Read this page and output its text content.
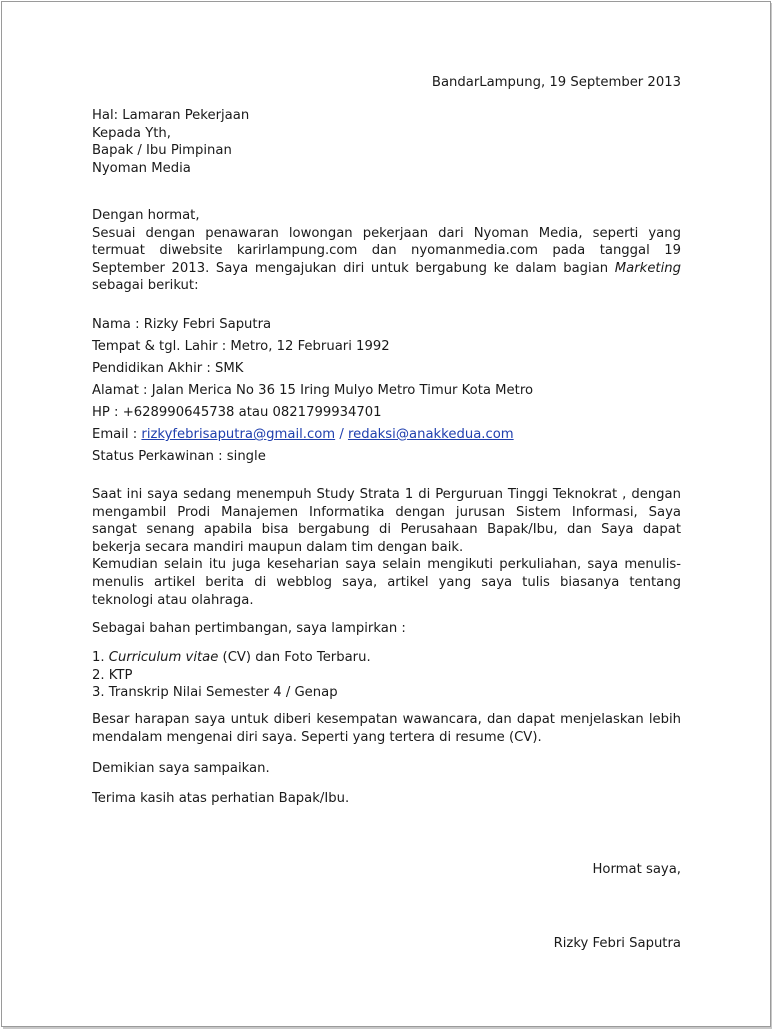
BandarLampung, 19 September 2013
Hal: Lamaran Pekerjaan
Kepada Yth,
Bapak / Ibu Pimpinan
Nyoman Media
Dengan hormat,
Sesuai dengan penawaran lowongan pekerjaan dari Nyoman Media, seperti yang
termuat diwebsite karirlampung.com dan nyomanmedia.com pada tanggal 19
September 2013. Saya mengajukan diri untuk bergabung ke dalam bagian Marketing
sebagai berikut:
Nama : Rizky Febri Saputra
Tempat & tgl. Lahir : Metro, 12 Februari 1992
Pendidikan Akhir : SMK
Alamat : Jalan Merica No 36 15 Iring Mulyo Metro Timur Kota Metro
HP : +628990645738 atau 0821799934701
Email : rizkyfebrisaputra@gmail.com / redaksi@anakkedua.com
Status Perkawinan : single
Saat ini saya sedang menempuh Study Strata 1 di Perguruan Tinggi Teknokrat , dengan
mengambil Prodi Manajemen Informatika dengan jurusan Sistem Informasi, Saya
sangat senang apabila bisa bergabung di Perusahaan Bapak/Ibu, dan Saya dapat
bekerja secara mandiri maupun dalam tim dengan baik.
Kemudian selain itu juga keseharian saya selain mengikuti perkuliahan, saya menulis-
menulis artikel berita di webblog saya, artikel yang saya tulis biasanya tentang
teknologi atau olahraga.
Sebagai bahan pertimbangan, saya lampirkan :
1. Curriculum vitae (CV) dan Foto Terbaru.
2. KTP
3. Transkrip Nilai Semester 4 / Genap
Besar harapan saya untuk diberi kesempatan wawancara, dan dapat menjelaskan lebih
mendalam mengenai diri saya. Seperti yang tertera di resume (CV).
Demikian saya sampaikan.
Terima kasih atas perhatian Bapak/Ibu.
Hormat saya,
Rizky Febri Saputra
